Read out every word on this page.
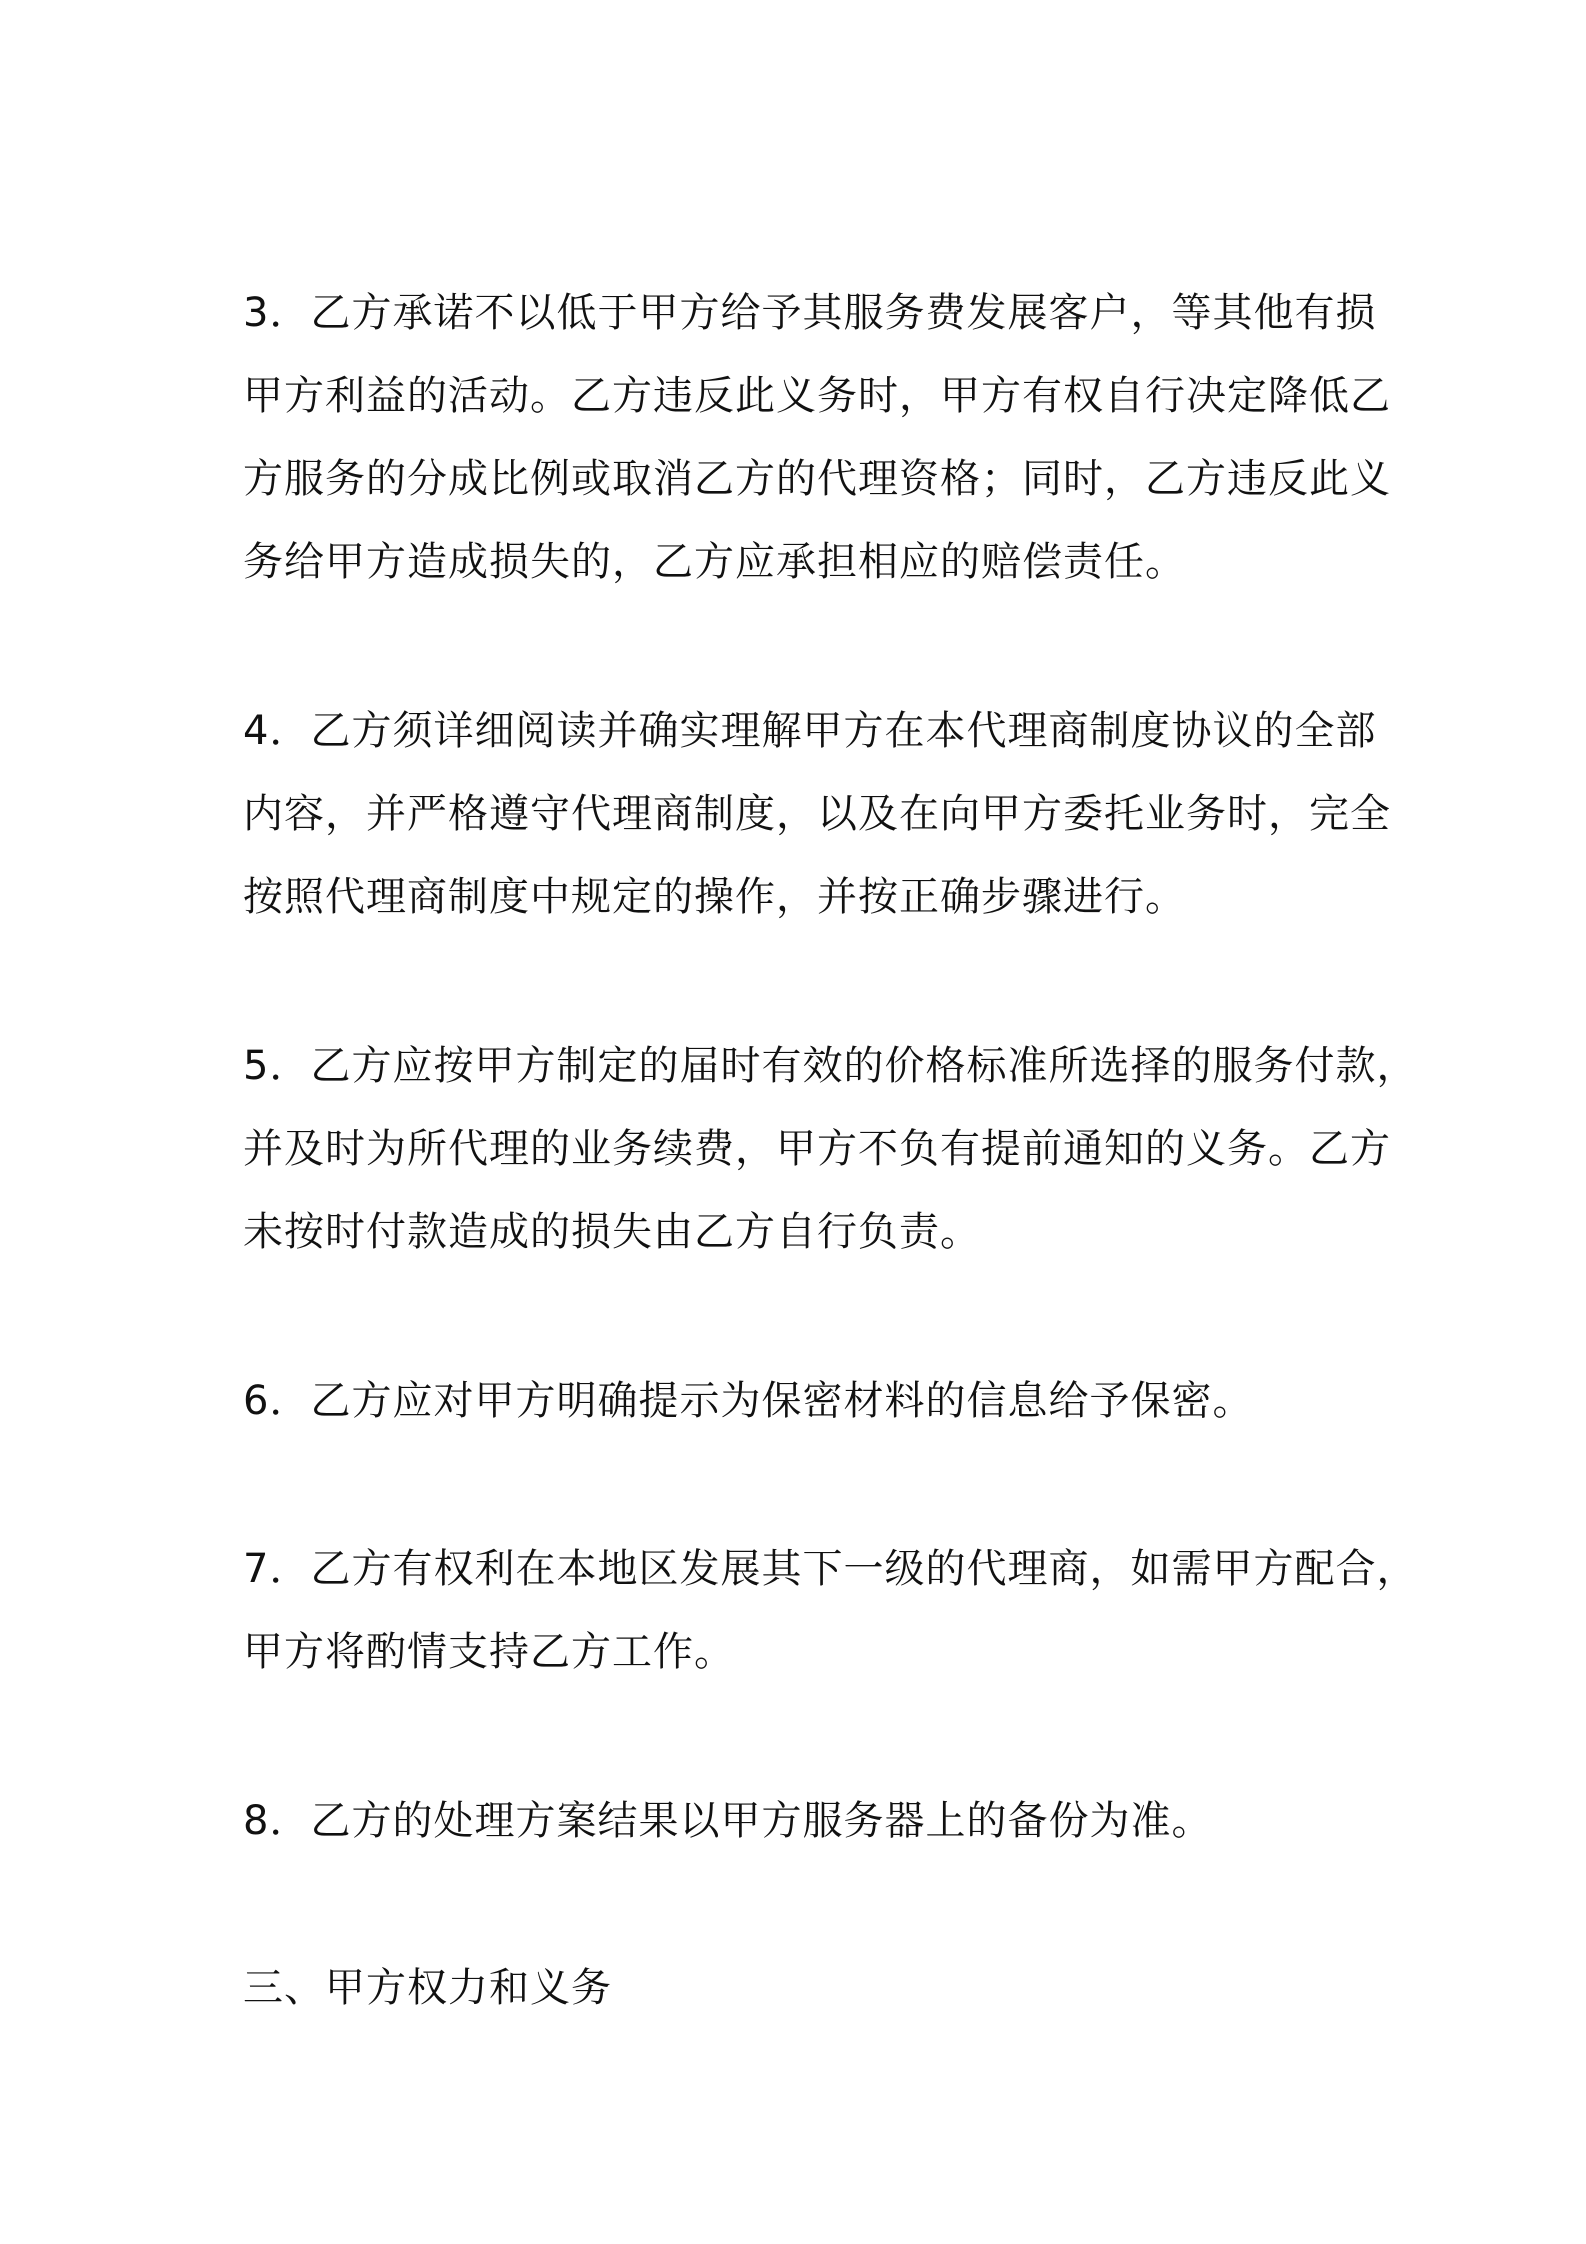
3．乙方承诺不以低于甲方给予其服务费发展客户，等其他有损
甲方利益的活动。乙方违反此义务时，甲方有权自行决定降低乙
方服务的分成比例或取消乙方的代理资格；同时，乙方违反此义
务给甲方造成损失的，乙方应承担相应的赔偿责任。

4．乙方须详细阅读并确实理解甲方在本代理商制度协议的全部
内容，并严格遵守代理商制度，以及在向甲方委托业务时，完全
按照代理商制度中规定的操作，并按正确步骤进行。

5．乙方应按甲方制定的届时有效的价格标准所选择的服务付款，
并及时为所代理的业务续费，甲方不负有提前通知的义务。乙方
未按时付款造成的损失由乙方自行负责。

6．乙方应对甲方明确提示为保密材料的信息给予保密。

7．乙方有权利在本地区发展其下一级的代理商，如需甲方配合，
甲方将酌情支持乙方工作。

8．乙方的处理方案结果以甲方服务器上的备份为准。

三、甲方权力和义务
